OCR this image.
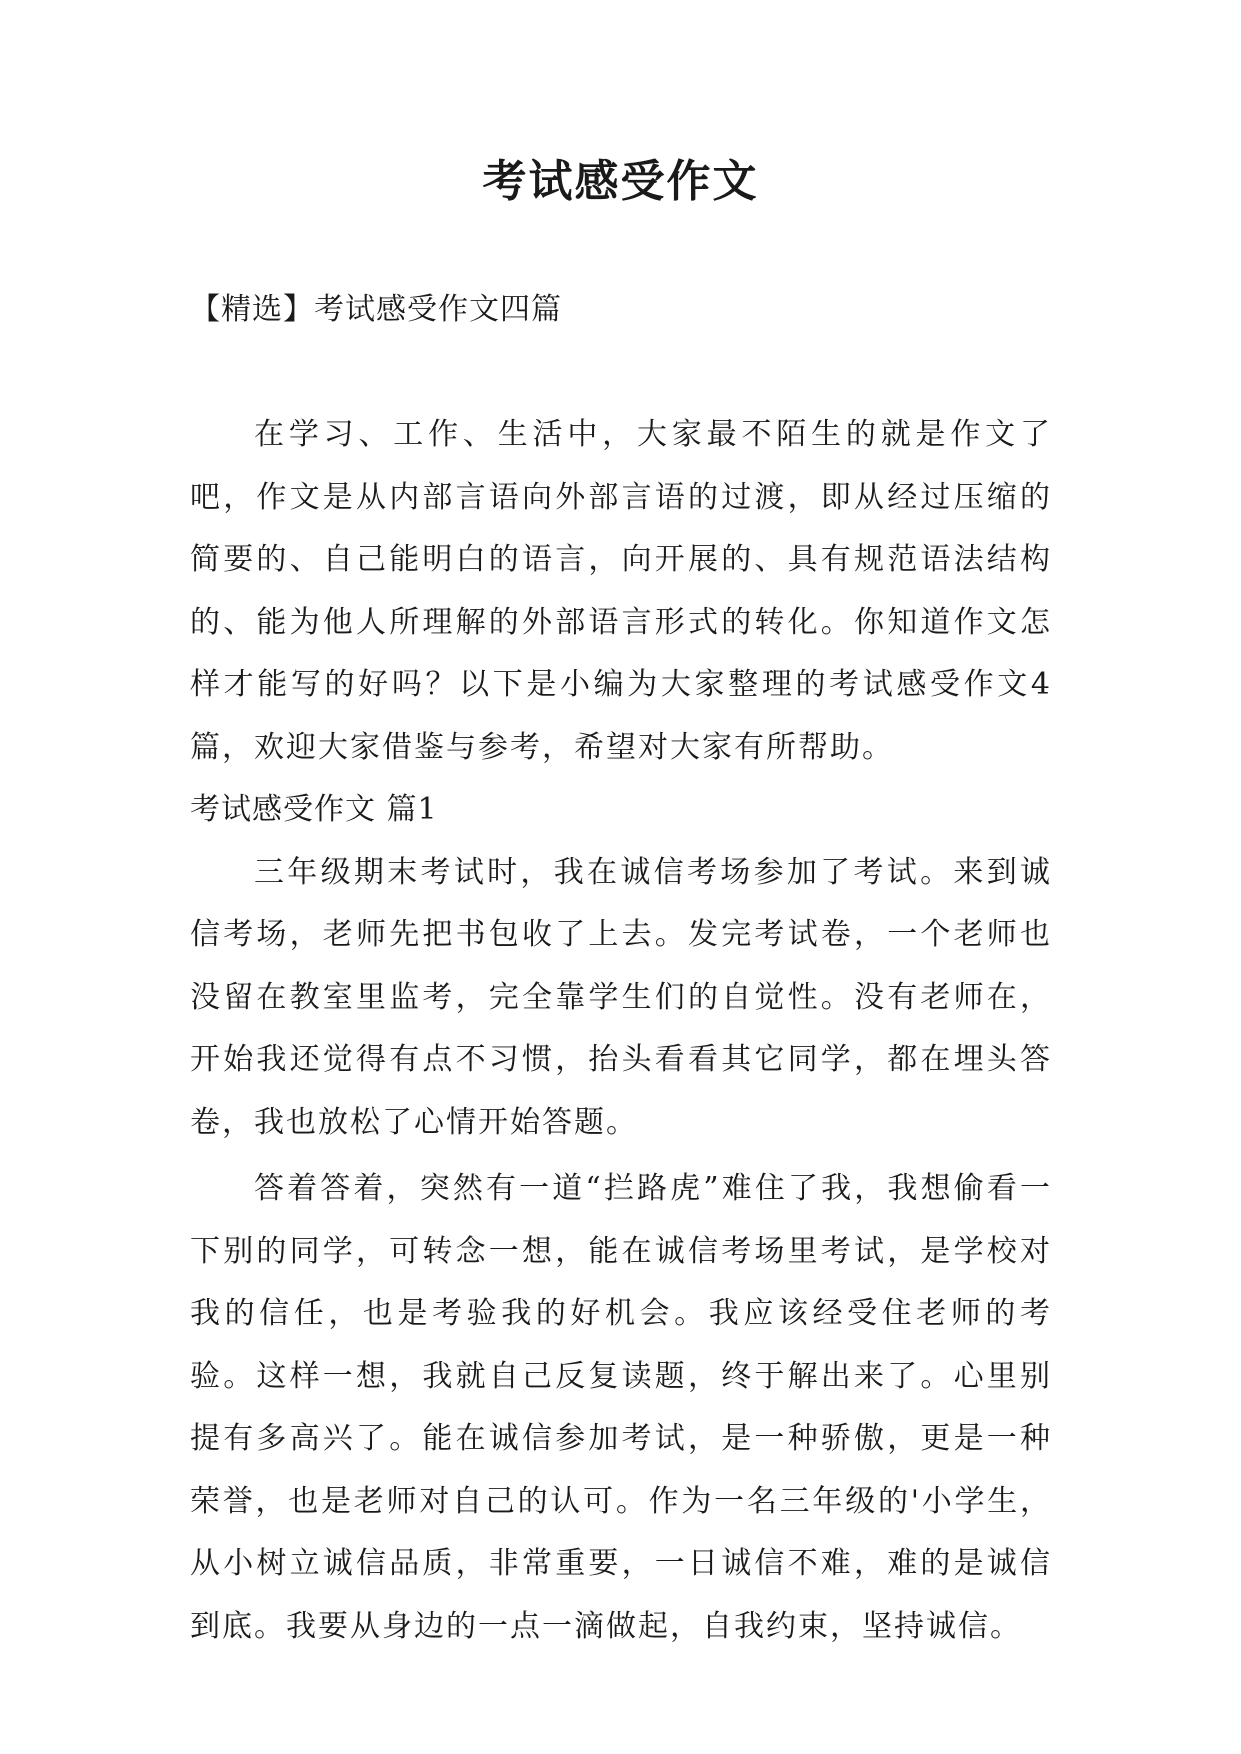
考试感受作文
【精选】考试感受作文四篇

在学习、工作、生活中，大家最不陌生的就是作文了吧，作文是从内部言语向外部言语的过渡，即从经过压缩的简要的、自己能明白的语言，向开展的、具有规范语法结构的、能为他人所理解的外部语言形式的转化。你知道作文怎样才能写的好吗？以下是小编为大家整理的考试感受作文4篇，欢迎大家借鉴与参考，希望对大家有所帮助。

考试感受作文 篇1

三年级期末考试时，我在诚信考场参加了考试。来到诚信考场，老师先把书包收了上去。发完考试卷，一个老师也没留在教室里监考，完全靠学生们的自觉性。没有老师在，开始我还觉得有点不习惯，抬头看看其它同学，都在埋头答卷，我也放松了心情开始答题。

答着答着，突然有一道“拦路虎”难住了我，我想偷看一下别的同学，可转念一想，能在诚信考场里考试，是学校对我的信任，也是考验我的好机会。我应该经受住老师的考验。这样一想，我就自己反复读题，终于解出来了。心里别提有多高兴了。能在诚信参加考试，是一种骄傲，更是一种荣誉，也是老师对自己的认可。作为一名三年级的'小学生，从小树立诚信品质，非常重要，一日诚信不难，难的是诚信到底。我要从身边的一点一滴做起，自我约束，坚持诚信。
